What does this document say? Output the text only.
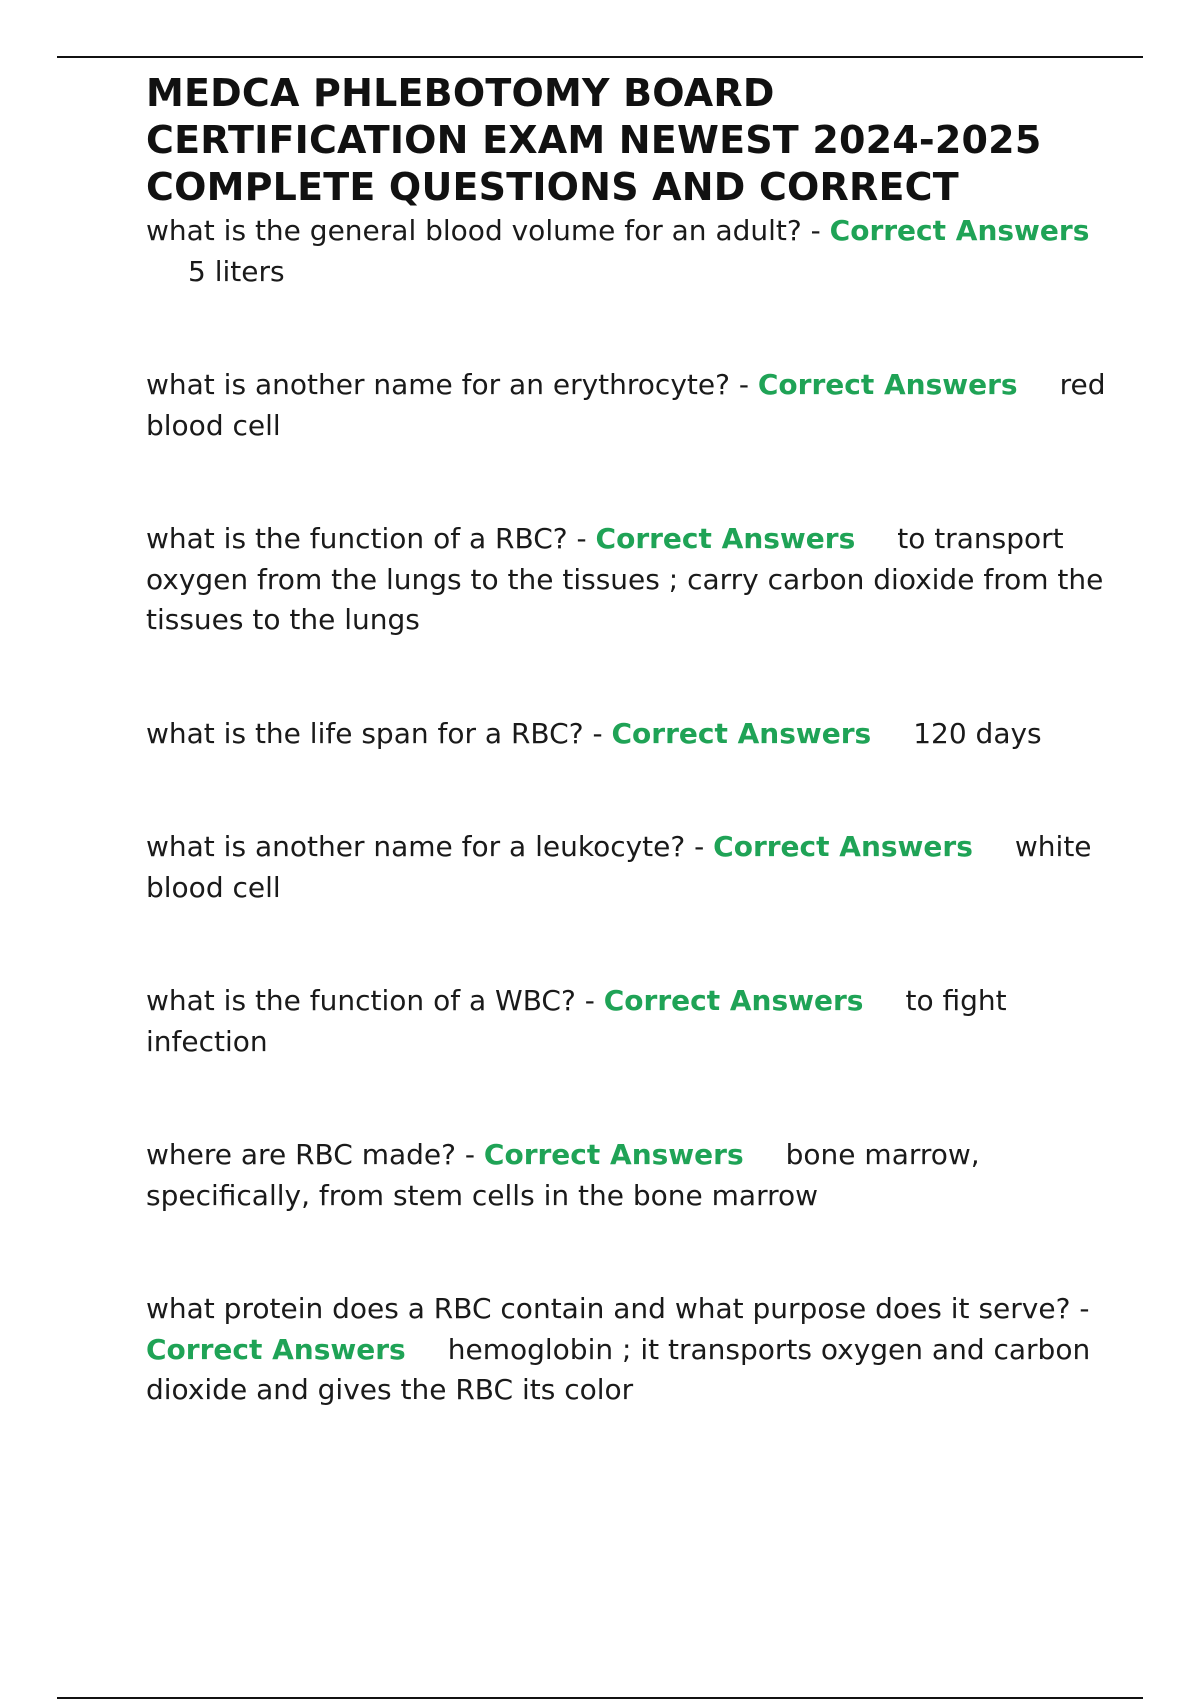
MEDCA PHLEBOTOMY BOARD CERTIFICATION EXAM NEWEST 2024-2025 COMPLETE QUESTIONS AND CORRECT
what is the general blood volume for an adult? - Correct Answers5 liters
what is another name for an erythrocyte? - Correct Answers red blood cell
what is the function of a RBC? - Correct Answers to transport oxygen from the lungs to the tissues ; carry carbon dioxide from the tissues to the lungs
what is the life span for a RBC? - Correct Answers 120 days
what is another name for a leukocyte? - Correct Answers white blood cell
what is the function of a WBC? - Correct Answers to fight infection
where are RBC made? - Correct Answers bone marrow, specifically, from stem cells in the bone marrow
what protein does a RBC contain and what purpose does it serve? - Correct Answers hemoglobin ; it transports oxygen and carbon dioxide and gives the RBC its color
